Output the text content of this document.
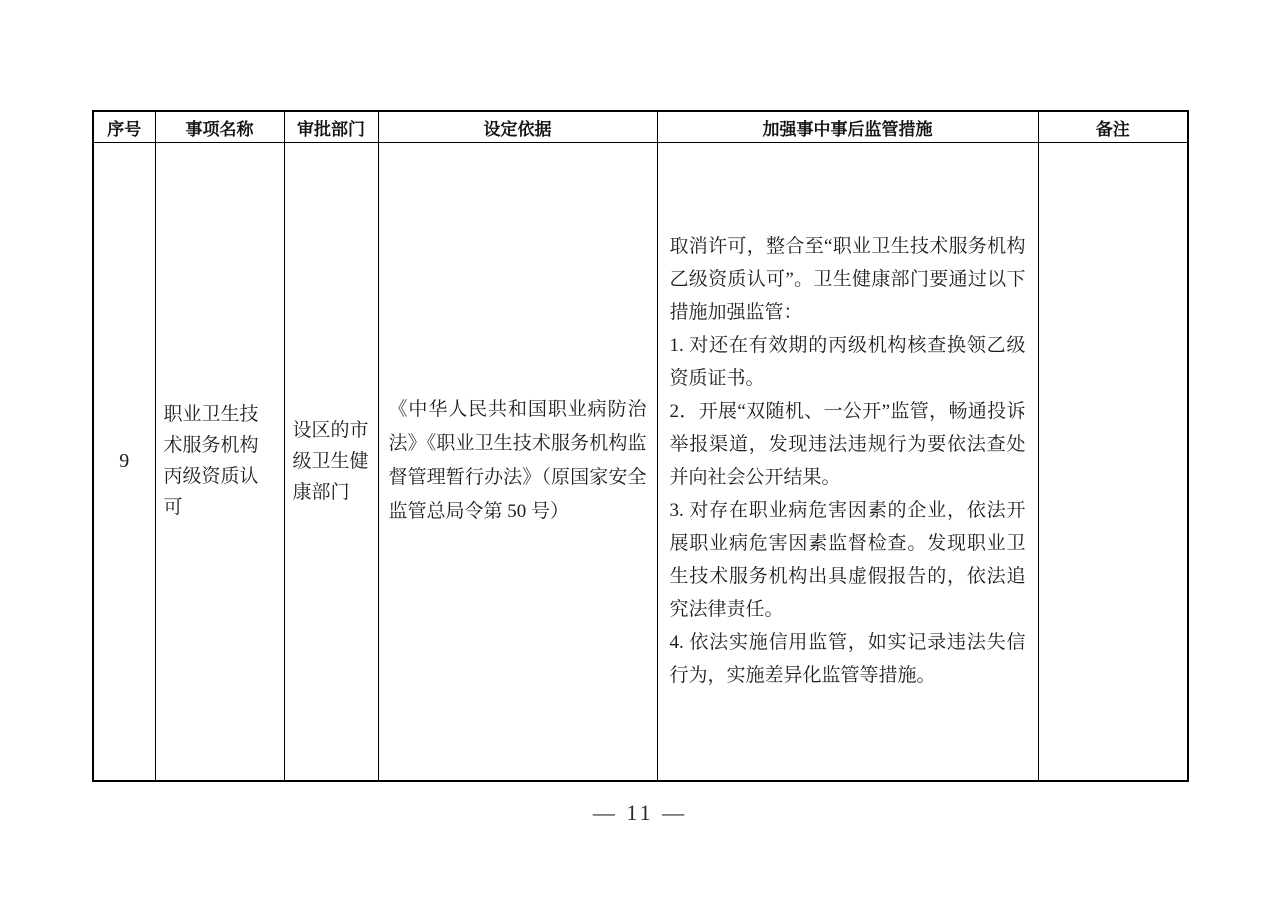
序号	事项名称	审批部门	设定依据	加强事中事后监管措施	备注
9	职业卫生技术服务机构丙级资质认可	设区的市级卫生健康部门	《中华人民共和国职业病防治法》《职业卫生技术服务机构监督管理暂行办法》（原国家安全监管总局令第 50 号）	取消许可，整合至“职业卫生技术服务机构乙级资质认可”。卫生健康部门要通过以下措施加强监管：

1. 对还在有效期的丙级机构核查换领乙级资质证书。

2．开展“双随机、一公开”监管，畅通投诉举报渠道，发现违法违规行为要依法查处并向社会公开结果。

3. 对存在职业病危害因素的企业，依法开展职业病危害因素监督检查。发现职业卫生技术服务机构出具虚假报告的，依法追究法律责任。

4. 依法实施信用监管，如实记录违法失信行为，实施差异化监管等措施。	

— 11 —
